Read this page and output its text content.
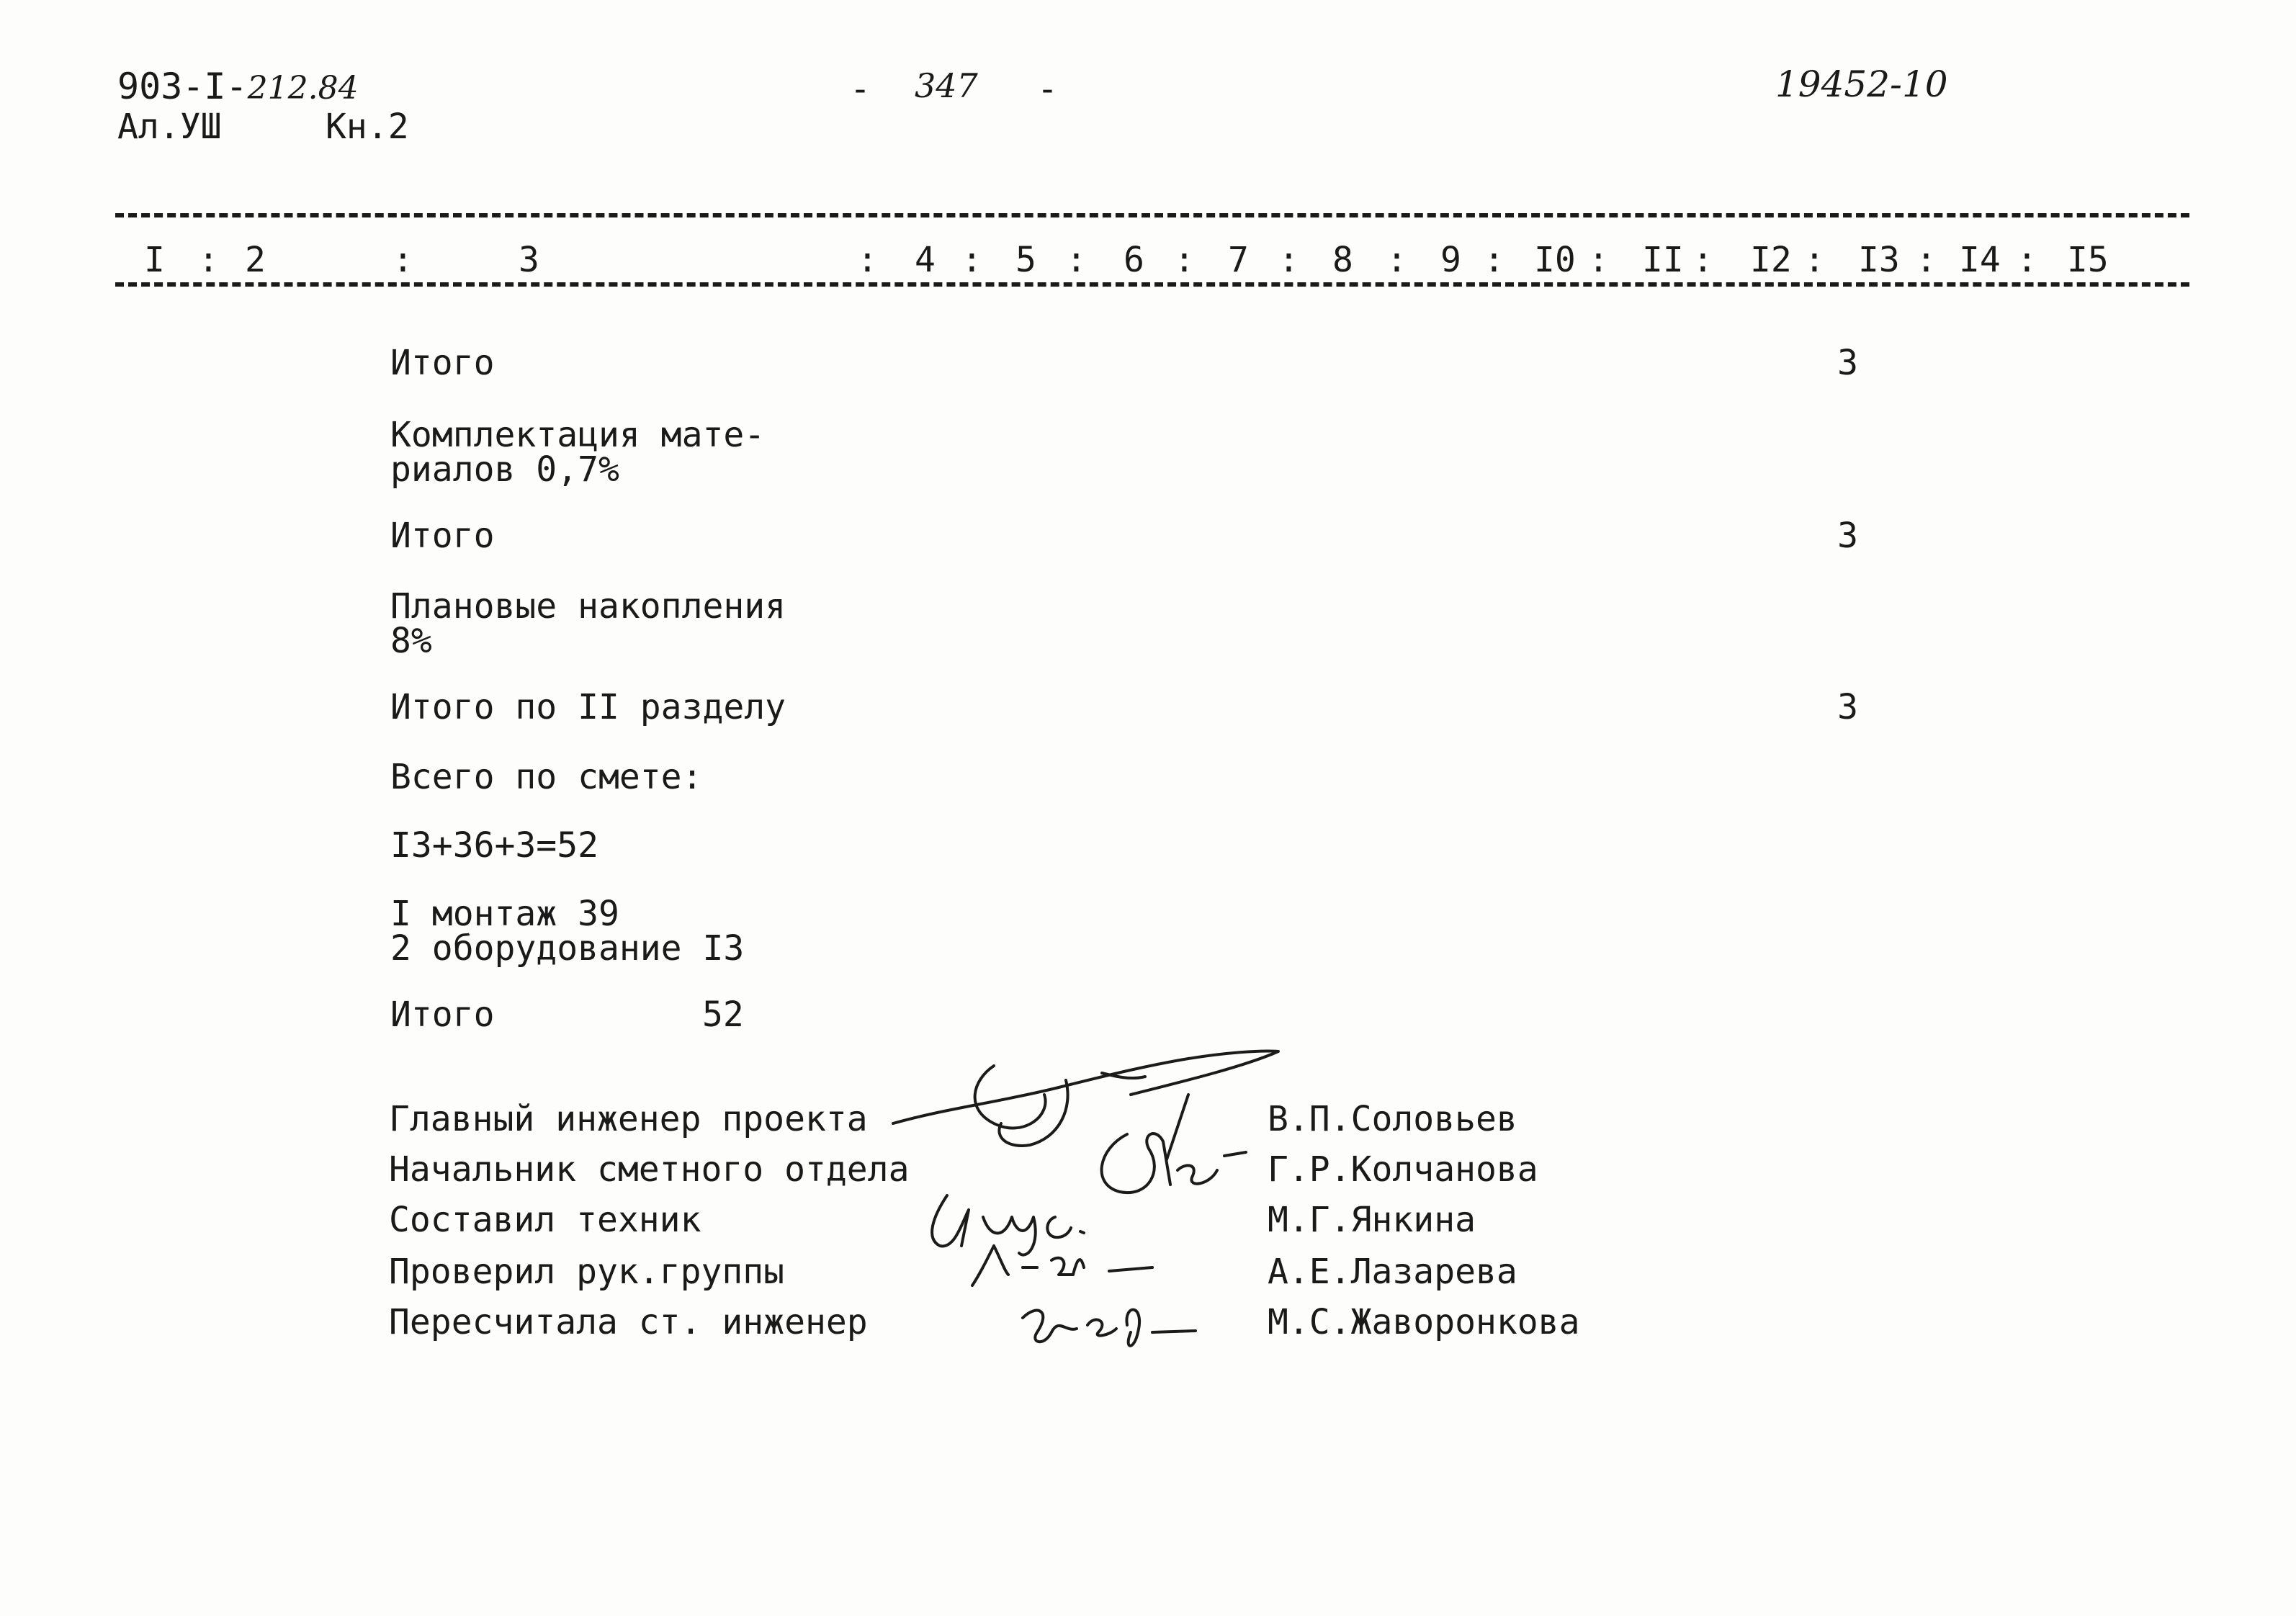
903-I-212.84
Ал.УШ	Кн.2
- 347 -	19452-10
I 2	3	4 5	6 7 8	9 I0 II I2 I3 I4 I5
:	:	: : :	: :	: : : :	:	: :
Итого	3
Комплектация мате-
риалов 0,7%
Итого	3
Плановые накопления
8%
Итого по II разделу	3
Всего по смете:
I3+36+3=52
I монтаж 39
2 оборудование I3
Итого	52
Главный инженер проекта	В.П.Соловьев
Начальник сметного отдела	Г.Р.Колчанова
Составил техник	М.Г.Янкина
Проверил рук.группы	А.Е.Лазарева
Пересчитала ст. инженер	М.С.Жаворонкова
